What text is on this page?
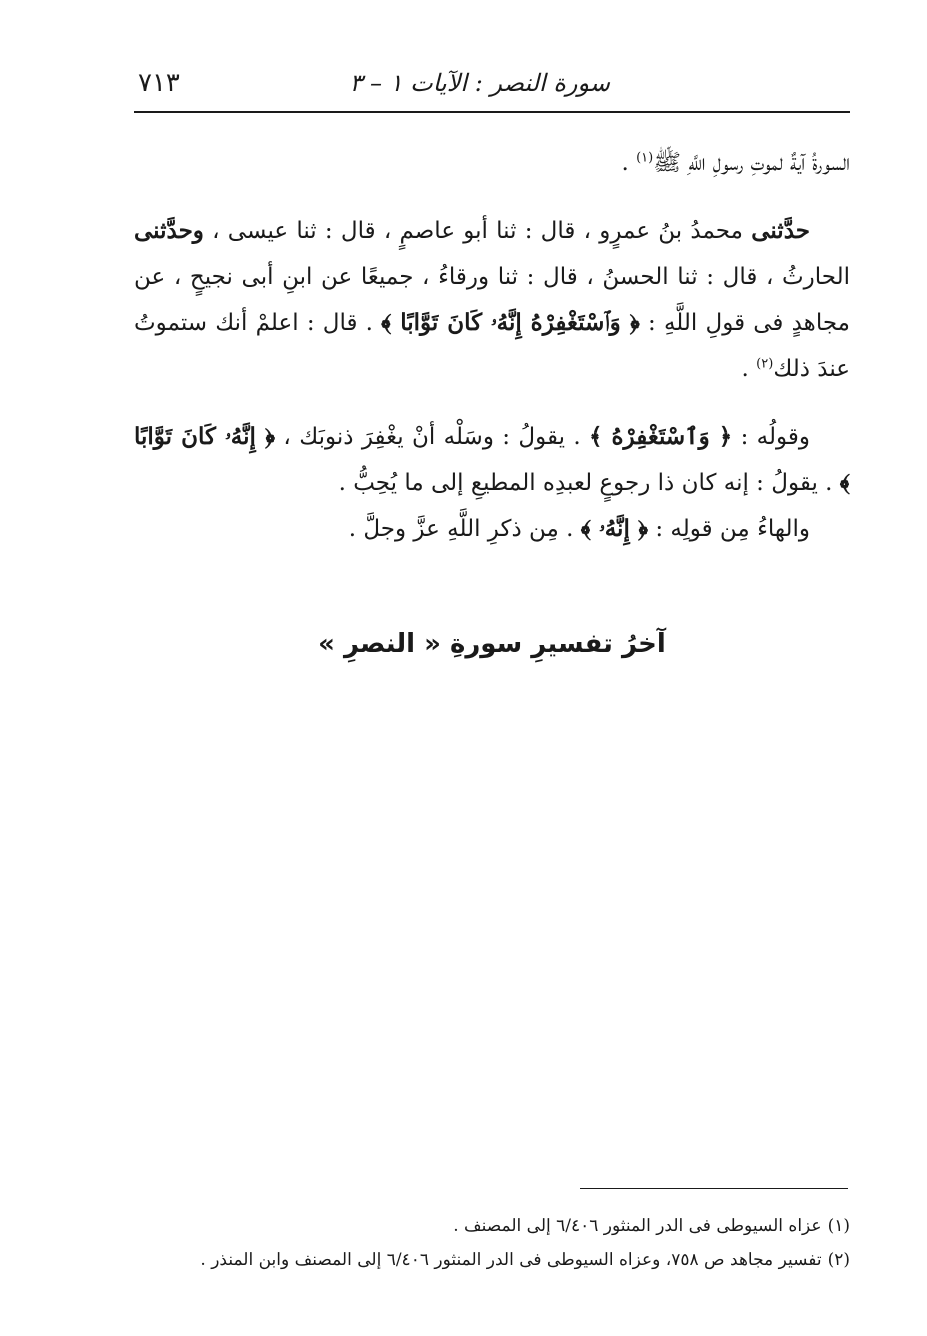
٧١٣	سورة النصر : الآيات ١ – ٣

السورةُ آيةٌ لموتِ رسولِ اللَّهِ ﷺ$^{(١)}$ .

حدَّثنى محمدُ بنُ عمرٍو ، قال : ثنا أبو عاصمٍ ، قال : ثنا عيسى ، وحدَّثنى الحارثُ ، قال : ثنا الحسنُ ، قال : ثنا ورقاءُ ، جميعًا عن ابنِ أبى نجيحٍ ، عن مجاهدٍ فى قولِ اللَّهِ : ﴿ وَٱسْتَغْفِرْهُ إِنَّهُۥ كَانَ تَوَّابًا ﴾ . قال : اعلمْ أنك ستموتُ عندَ ذلك$^{(٢)}$ .

وقولُه : ﴿ وَٱسْتَغْفِرْهُ ﴾ . يقولُ : وسَلْه أنْ يغْفِرَ ذنوبَك ، ﴿ إِنَّهُۥ كَانَ تَوَّابًا ﴾ . يقولُ : إنه كان ذا رجوعٍ لعبدِه المطيعِ إلى ما يُحِبُّ .

والهاءُ مِن قولِه : ﴿ إِنَّهُۥ ﴾ . مِن ذكرِ اللَّهِ عزَّ وجلَّ .

آخرُ تفسيرِ سورةِ « النصرِ »

(١)عزاه السيوطى فى الدر المنثور ٦/٤٠٦ إلى المصنف .

(٢)تفسير مجاهد ص ٧٥٨، وعزاه السيوطى فى الدر المنثور ٦/٤٠٦ إلى المصنف وابن المنذر .
